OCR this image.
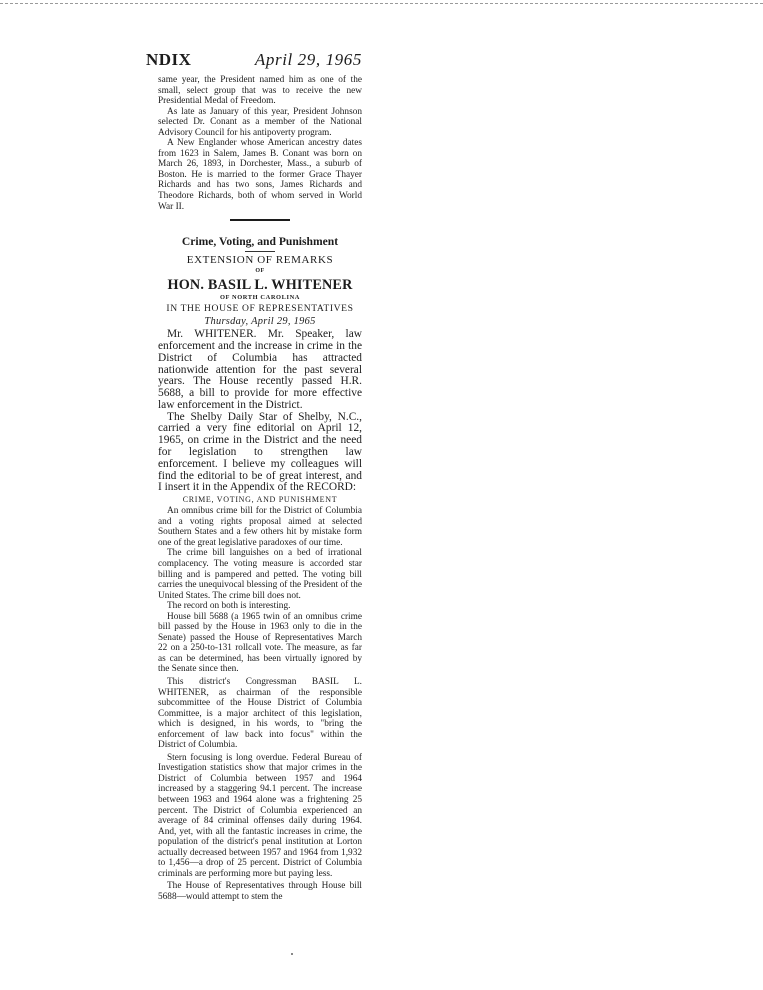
NDIX	April 29, 1965

same year, the President named him as one of the small, select group that was to receive the new Presidential Medal of Freedom.

As late as January of this year, President Johnson selected Dr. Conant as a member of the National Advisory Council for his antipoverty program.

A New Englander whose American ancestry dates from 1623 in Salem, James B. Conant was born on March 26, 1893, in Dorchester, Mass., a suburb of Boston. He is married to the former Grace Thayer Richards and has two sons, James Richards and Theodore Richards, both of whom served in World War II.

Crime, Voting, and Punishment
EXTENSION OF REMARKS
OF
HON. BASIL L. WHITENER
OF NORTH CAROLINA
IN THE HOUSE OF REPRESENTATIVES
Thursday, April 29, 1965

Mr. WHITENER. Mr. Speaker, law enforcement and the increase in crime in the District of Columbia has attracted nationwide attention for the past several years. The House recently passed H.R. 5688, a bill to provide for more effective law enforcement in the District.

The Shelby Daily Star of Shelby, N.C., carried a very fine editorial on April 12, 1965, on crime in the District and the need for legislation to strengthen law enforcement. I believe my colleagues will find the editorial to be of great interest, and I insert it in the Appendix of the RECORD:

CRIME, VOTING, AND PUNISHMENT

An omnibus crime bill for the District of Columbia and a voting rights proposal aimed at selected Southern States and a few others hit by mistake form one of the great legislative paradoxes of our time.

The crime bill languishes on a bed of irrational complacency. The voting measure is accorded star billing and is pampered and petted. The voting bill carries the unequivocal blessing of the President of the United States. The crime bill does not.

The record on both is interesting.

House bill 5688 (a 1965 twin of an omnibus crime bill passed by the House in 1963 only to die in the Senate) passed the House of Representatives March 22 on a 250-to-131 rollcall vote. The measure, as far as can be determined, has been virtually ignored by the Senate since then.

This district's Congressman BASIL L. WHITENER, as chairman of the responsible subcommittee of the House District of Columbia Committee, is a major architect of this legislation, which is designed, in his words, to "bring the enforcement of law back into focus" within the District of Columbia.

Stern focusing is long overdue. Federal Bureau of Investigation statistics show that major crimes in the District of Columbia between 1957 and 1964 increased by a staggering 94.1 percent. The increase between 1963 and 1964 alone was a frightening 25 percent. The District of Columbia experienced an average of 84 criminal offenses daily during 1964. And, yet, with all the fantastic increases in crime, the population of the district's penal institution at Lorton actually decreased between 1957 and 1964 from 1,932 to 1,456—a drop of 25 percent. District of Columbia criminals are performing more but paying less.

The House of Representatives through House bill 5688—would attempt to stem the
